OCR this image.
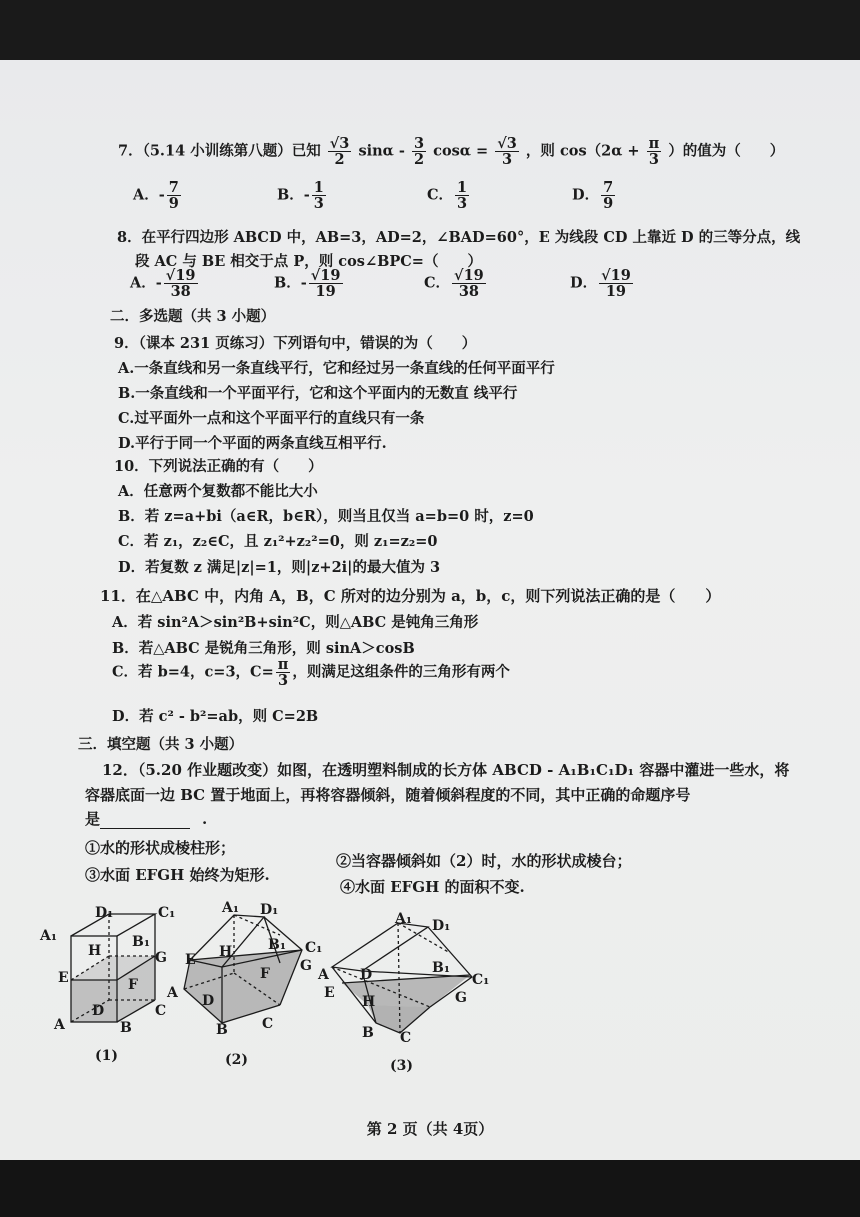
7．（5.14 小训练第八题）已知 $\frac{√3}{2}$ sinα - $\frac{3}{2}$ $\cos\alpha = \frac{√3}{3}$ ，则 $\cos(2\alpha + \frac{\pi}{3}$ ）的值为（　　）
A．- $\frac{7}{9}$	B．- $\frac{1}{3}$	C． $\frac{1}{3}$	D． $\frac{7}{9}$
8．在平行四边形 ABCD 中，AB=3，AD=2，∠BAD=60°，E 为线段 CD 上靠近 D 的三等分点，线
段 AC 与 BE 相交于点 P，则 cos∠BPC=（　　）
A．- $\frac{√19}{38}$	B．- $\frac{√19}{19}$	C． $\frac{√19}{38}$	D． $\frac{√19}{19}$
二．多选题（共 3 小题）
9．（课本 231 页练习）下列语句中，错误的为（　　）
A.一条直线和另一条直线平行，它和经过另一条直线的任何平面平行
B.一条直线和一个平面平行，它和这个平面内的无数直 线平行
C.过平面外一点和这个平面平行的直线只有一条
D.平行于同一个平面的两条直线互相平行.
10．下列说法正确的有（　　）
A．任意两个复数都不能比大小
B．若 z=a+bi（a∈R，b∈R），则当且仅当 a=b=0 时，z=0
C．若 z₁，z₂∈C，且 z₁²+z₂²=0，则 z₁=z₂=0
D．若复数 z 满足|z|=1，则|z+2i|的最大值为 3
11．在△ABC 中，内角 A，B，C 所对的边分别为 a，b，c，则下列说法正确的是（　　）
A．若 sin²A＞sin²B+sin²C，则△ABC 是钝角三角形
B．若△ABC 是锐角三角形，则 sinA＞cosB
C．若 b=4，c=3，$C= \frac{\pi}{3}$ ，则满足这组条件的三角形有两个
D．若 c² - b²=ab，则 C=2B
三．填空题（共 3 小题）
12．（5.20 作业题改变）如图，在透明塑料制成的长方体 ABCD - A₁B₁C₁D₁ 容器中灌进一些水，将
容器底面一边 BC 置于地面上，再将容器倾斜，随着倾斜程度的不同，其中正确的命题序号
是	.
①水的形状成棱柱形；
②当容器倾斜如（2）时，水的形状成棱台；
③水面 EFGH 始终为矩形.
④水面 EFGH 的面积不变.
A₁
D₁	C₁
H
B₁
G
E	F
D
A
C
B
(1)
A₁ D₁
H	B₁ C₁
E	G
F
A D
B C
(2)
A₁ D₁
A D	B₁
C₁
E
H	G
B C
(3)
第 2 页（共 4页）
